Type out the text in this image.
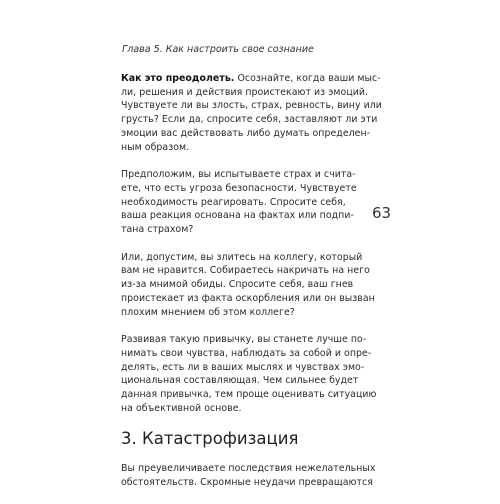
Глава 5. Как настроить свое сознание
63

Как это преодолеть. Осознайте, когда ваши мыс-
ли, решения и действия проистекают из эмоций.
Чувствуете ли вы злость, страх, ревность, вину или
грусть? Если да, спросите себя, заставляют ли эти
эмоции вас действовать либо думать определен-
ным образом.

Предположим, вы испытываете страх и счита-
ете, что есть угроза безопасности. Чувствуете
необходимость реагировать. Спросите себя,
ваша реакция основана на фактах или подпи-
тана страхом?

Или, допустим, вы злитесь на коллегу, который
вам не нравится. Собираетесь накричать на него
из-за мнимой обиды. Спросите себя, ваш гнев
проистекает из факта оскорбления или он вызван
плохим мнением об этом коллеге?

Развивая такую привычку, вы станете лучше по-
нимать свои чувства, наблюдать за собой и опре-
делять, есть ли в ваших мыслях и чувствах эмо-
циональная составляющая. Чем сильнее будет
данная привычка, тем проще оценивать ситуацию
на объективной основе.

3. Катастрофизация

Вы преувеличиваете последствия нежелательных
обстоятельств. Скромные неудачи превращаются
